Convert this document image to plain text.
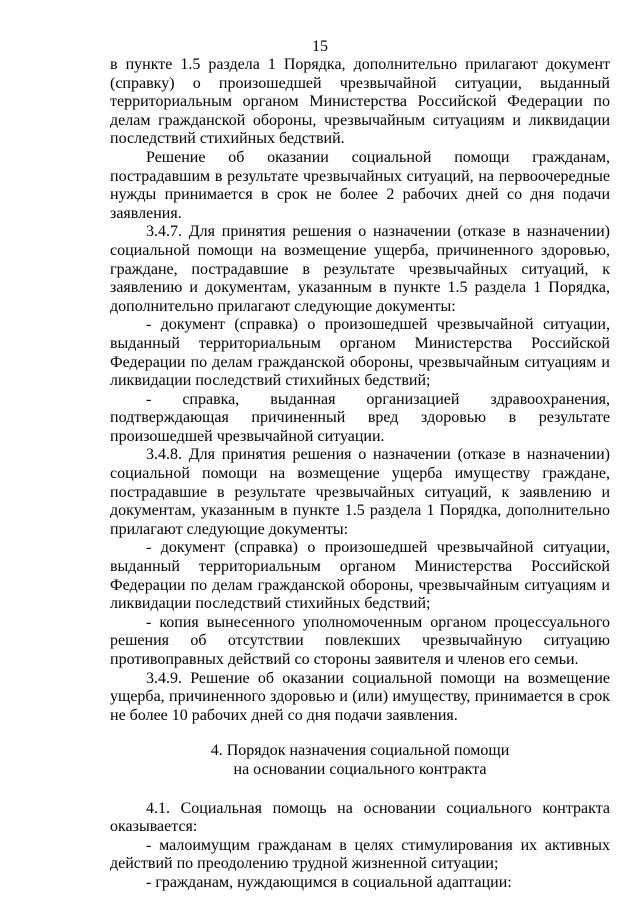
15

в пункте 1.5 раздела 1 Порядка, дополнительно прилагают документ (справку) о произошедшей чрезвычайной ситуации, выданный территориальным органом Министерства Российской Федерации по делам гражданской обороны, чрезвычайным ситуациям и ликвидации последствий стихийных бедствий.

Решение об оказании социальной помощи гражданам, пострадавшим в результате чрезвычайных ситуаций, на первоочередные нужды принимается в срок не более 2 рабочих дней со дня подачи заявления.

3.4.7. Для принятия решения о назначении (отказе в назначении) социальной помощи на возмещение ущерба, причиненного здоровью, граждане, пострадавшие в результате чрезвычайных ситуаций, к заявлению и документам, указанным в пункте 1.5 раздела 1 Порядка, дополнительно прилагают следующие документы:

- документ (справка) о произошедшей чрезвычайной ситуации, выданный территориальным органом Министерства Российской Федерации по делам гражданской обороны, чрезвычайным ситуациям и ликвидации последствий стихийных бедствий;

- справка, выданная организацией здравоохранения, подтверждающая причиненный вред здоровью в результате произошедшей чрезвычайной ситуации.

3.4.8. Для принятия решения о назначении (отказе в назначении) социальной помощи на возмещение ущерба имуществу граждане, пострадавшие в результате чрезвычайных ситуаций, к заявлению и документам, указанным в пункте 1.5 раздела 1 Порядка, дополнительно прилагают следующие документы:

- документ (справка) о произошедшей чрезвычайной ситуации, выданный территориальным органом Министерства Российской Федерации по делам гражданской обороны, чрезвычайным ситуациям и ликвидации последствий стихийных бедствий;

- копия вынесенного уполномоченным органом процессуального решения об отсутствии повлекших чрезвычайную ситуацию противоправных действий со стороны заявителя и членов его семьи.

3.4.9. Решение об оказании социальной помощи на возмещение ущерба, причиненного здоровью и (или) имуществу, принимается в срок не более 10 рабочих дней со дня подачи заявления.

4. Порядок назначения социальной помощи
на основании социального контракта

4.1. Социальная помощь на основании социального контракта оказывается:

- малоимущим гражданам в целях стимулирования их активных действий по преодолению трудной жизненной ситуации;

- гражданам, нуждающимся в социальной адаптации:
